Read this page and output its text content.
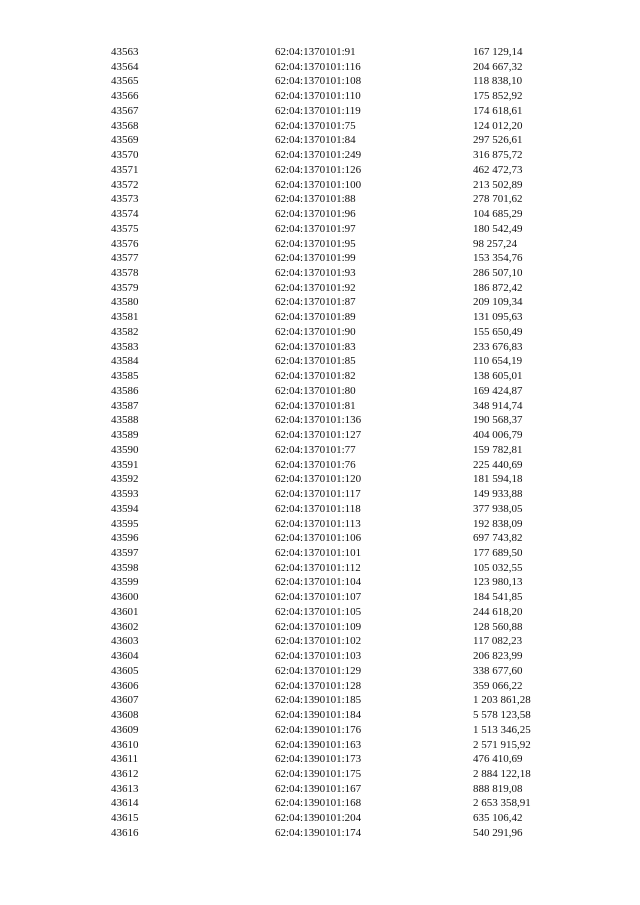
43563	62:04:1370101:91	167 129,14
43564	62:04:1370101:116	204 667,32
43565	62:04:1370101:108	118 838,10
43566	62:04:1370101:110	175 852,92
43567	62:04:1370101:119	174 618,61
43568	62:04:1370101:75	124 012,20
43569	62:04:1370101:84	297 526,61
43570	62:04:1370101:249	316 875,72
43571	62:04:1370101:126	462 472,73
43572	62:04:1370101:100	213 502,89
43573	62:04:1370101:88	278 701,62
43574	62:04:1370101:96	104 685,29
43575	62:04:1370101:97	180 542,49
43576	62:04:1370101:95	98 257,24
43577	62:04:1370101:99	153 354,76
43578	62:04:1370101:93	286 507,10
43579	62:04:1370101:92	186 872,42
43580	62:04:1370101:87	209 109,34
43581	62:04:1370101:89	131 095,63
43582	62:04:1370101:90	155 650,49
43583	62:04:1370101:83	233 676,83
43584	62:04:1370101:85	110 654,19
43585	62:04:1370101:82	138 605,01
43586	62:04:1370101:80	169 424,87
43587	62:04:1370101:81	348 914,74
43588	62:04:1370101:136	190 568,37
43589	62:04:1370101:127	404 006,79
43590	62:04:1370101:77	159 782,81
43591	62:04:1370101:76	225 440,69
43592	62:04:1370101:120	181 594,18
43593	62:04:1370101:117	149 933,88
43594	62:04:1370101:118	377 938,05
43595	62:04:1370101:113	192 838,09
43596	62:04:1370101:106	697 743,82
43597	62:04:1370101:101	177 689,50
43598	62:04:1370101:112	105 032,55
43599	62:04:1370101:104	123 980,13
43600	62:04:1370101:107	184 541,85
43601	62:04:1370101:105	244 618,20
43602	62:04:1370101:109	128 560,88
43603	62:04:1370101:102	117 082,23
43604	62:04:1370101:103	206 823,99
43605	62:04:1370101:129	338 677,60
43606	62:04:1370101:128	359 066,22
43607	62:04:1390101:185	1 203 861,28
43608	62:04:1390101:184	5 578 123,58
43609	62:04:1390101:176	1 513 346,25
43610	62:04:1390101:163	2 571 915,92
43611	62:04:1390101:173	476 410,69
43612	62:04:1390101:175	2 884 122,18
43613	62:04:1390101:167	888 819,08
43614	62:04:1390101:168	2 653 358,91
43615	62:04:1390101:204	635 106,42
43616	62:04:1390101:174	540 291,96
